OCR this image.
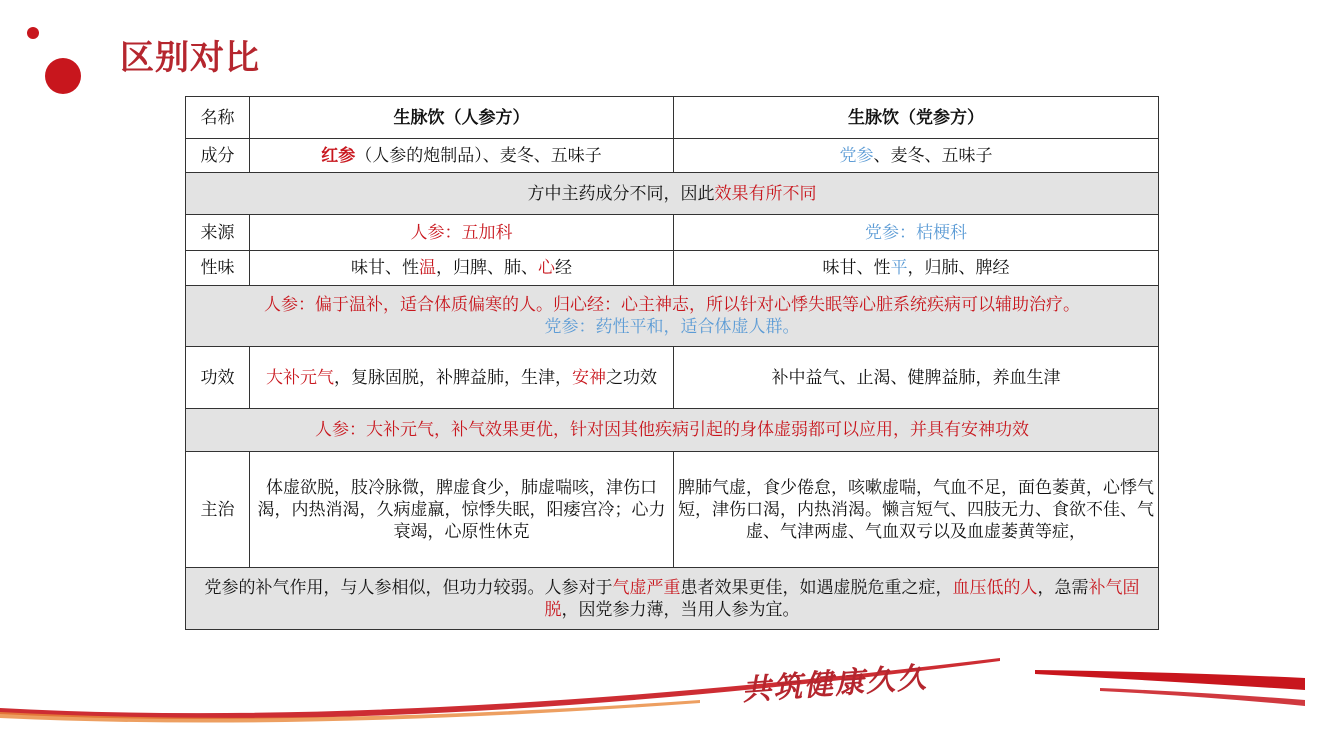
区别对比
名称	生脉饮（人参方）	生脉饮（党参方）
成分	红参（人参的炮制品）、麦冬、五味子	党参、麦冬、五味子
方中主药成分不同，因此效果有所不同		
来源	人参：五加科	党参：桔梗科
性味	味甘、性温，归脾、肺、心经	味甘、性平，归肺、脾经

人参：偏于温补，适合体质偏寒的人。归心经：心主神志，所以针对心悸失眠等心脏系统疾病可以辅助治疗。
党参：药性平和，适合体虚人群。		

功效	大补元气，复脉固脱，补脾益肺，生津，安神之功效	补中益气、止渴、健脾益肺，养血生津
人参：大补元气，补气效果更优，针对因其他疾病引起的身体虚弱都可以应用，并具有安神功效		
主治	体虚欲脱，肢冷脉微，脾虚食少，肺虚喘咳，津伤口渴，内热消渴，久病虚羸，惊悸失眠，阳痿宫冷；心力衰竭，心原性休克	脾肺气虚，食少倦怠，咳嗽虚喘，气血不足，面色萎黄，心悸气短，津伤口渴，内热消渴。懒言短气、四肢无力、食欲不佳、气虚、气津两虚、气血双亏以及血虚萎黄等症，
党参的补气作用，与人参相似，但功力较弱。人参对于气虚严重患者效果更佳，如遇虚脱危重之症，血压低的人，急需补气固脱，因党参力薄，当用人参为宜。		
共筑健康久久
